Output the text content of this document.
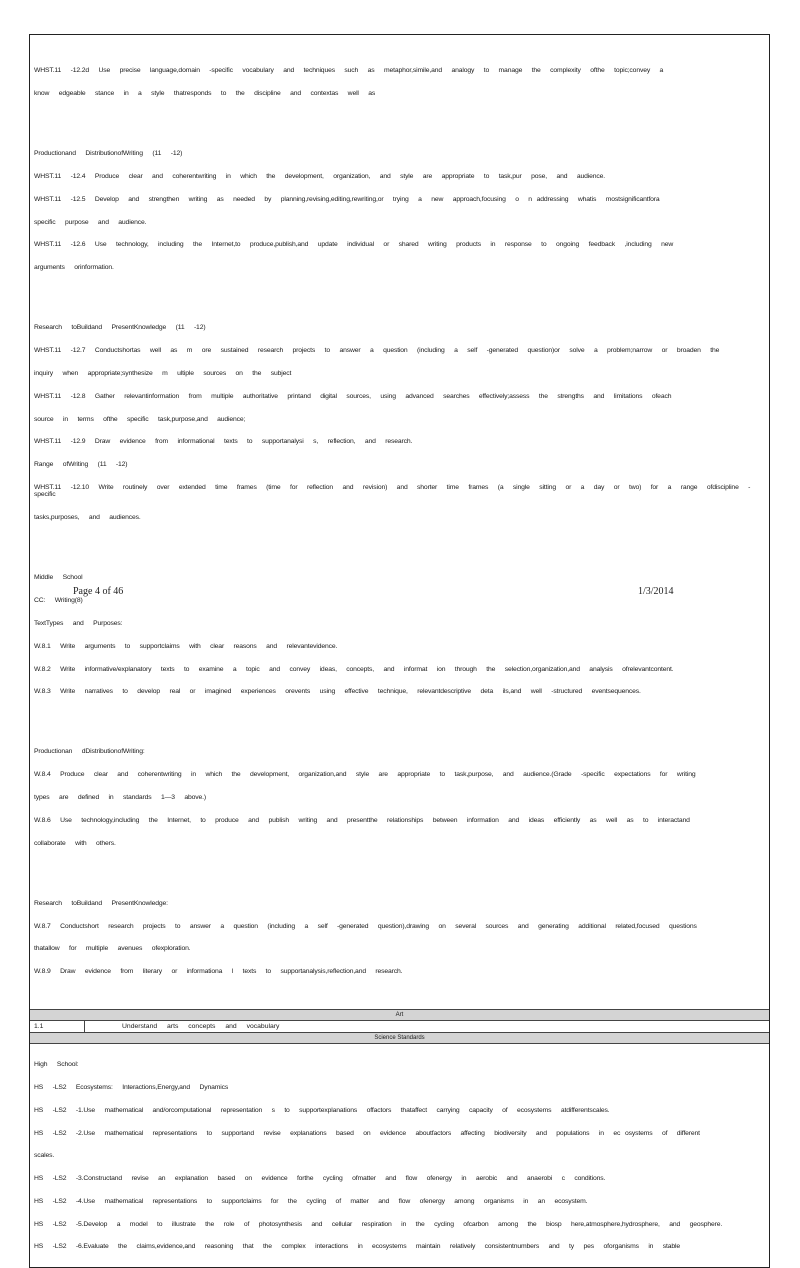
WHST.11  -12.2d  Use  precise  language,domain  -specific  vocabulary  and  techniques  such  as  metaphor,simile,and  analogy  to  manage  the  complexity  ofthe  topic;convey  a

know  edgeable  stance  in  a  style  thatresponds  to  the  discipline  and  contextas  well  as

Productionand  DistributionofWriting  (11  -12)

WHST.11  -12.4  Produce  clear  and  coherentwriting  in  which  the  development,  organization,  and  style  are  appropriate  to  task,pur  pose,  and  audience.

WHST.11  -12.5  Develop  and  strengthen  writing  as  needed  by  planning,revising,editing,rewriting,or  trying  a  new  approach,focusing  o  n addressing  whatis  mostsignificantfora

specific  purpose  and  audience.

WHST.11  -12.6  Use  technology,  including  the  Internet,to  produce,publish,and  update  individual  or  shared  writing  products  in  response  to  ongoing  feedback  ,including  new

arguments  orinformation.

Research  toBuildand  PresentKnowledge  (11  -12)

WHST.11  -12.7  Conductshortas  well  as  m  ore  sustained  research  projects  to  answer  a  question  (including  a  self  -generated  question)or  solve  a  problem;narrow  or  broaden  the

inquiry  when  appropriate;synthesize  m  ultiple  sources  on  the  subject

WHST.11  -12.8  Gather  relevantinformation  from  multiple  authoritative  printand  digital  sources,  using  advanced  searches  effectively;assess  the  strengths  and  limitations  ofeach

source  in  terms  ofthe  specific  task,purpose,and  audience;

WHST.11  -12.9  Draw  evidence  from  informational  texts  to  supportanalysi  s,  reflection,  and  research.

Range  ofWriting  (11  -12)

WHST.11  -12.10  Write  routinely  over  extended  time  frames  (time  for  reflection  and  revision)  and  shorter  time  frames  (a  single  sitting  or  a  day  or  two)  for  a  range  ofdiscipline  -specific

tasks,purposes,  and  audiences.

Middle  School

CC:  Writing(8)

TextTypes  and  Purposes:

W.8.1  Write  arguments  to  supportclaims  with  clear  reasons  and  relevantevidence.

W.8.2  Write  informative/explanatory  texts  to  examine  a  topic  and  convey  ideas,  concepts,  and  informat  ion  through  the  selection,organization,and  analysis  ofrelevantcontent.

W.8.3  Write  narratives  to  develop  real  or  imagined  experiences  orevents  using  effective  technique,  relevantdescriptive  deta  ils,and  well  -structured  eventsequences.

Productionan  dDistributionofWriting:

W.8.4  Produce  clear  and  coherentwriting  in  which  the  development,  organization,and  style  are  appropriate  to  task,purpose,  and  audience.(Grade  -specific  expectations  for  writing

types  are  defined  in  standards  1—3  above.)

W.8.6  Use  technology,including  the  Internet,  to  produce  and  publish  writing  and  presentthe  relationships  between  information  and  ideas  efficiently  as  well  as  to  interactand

collaborate  with  others.

Research  toBuildand  PresentKnowledge:

W.8.7  Conductshort  research  projects  to  answer  a  question  (including  a  self  -generated  question),drawing  on  several  sources  and  generating  additional  related,focused  questions

thatallow  for  multiple  avenues  ofexploration.

W.8.9  Draw  evidence  from  literary  or  informationa  l  texts  to  supportanalysis,reflection,and  research.

Art
1.1	Understand arts concepts and vocabulary
Science Standards

High  School:

HS  -LS2  Ecosystems:  Interactions,Energy,and  Dynamics

HS  -LS2  -1.Use  mathematical  and/orcomputational  representation  s  to  supportexplanations  offactors  thataffect  carrying  capacity  of  ecosystems  atdifferentscales.

HS  -LS2  -2.Use  mathematical  representations  to  supportand  revise  explanations  based  on  evidence  aboutfactors  affecting  biodiversity  and  populations  in  ec osystems  of  different

scales.

HS  -LS2  -3.Constructand  revise  an  explanation  based  on  evidence  forthe  cycling  ofmatter  and  flow  ofenergy  in  aerobic  and  anaerobi  c  conditions.

HS  -LS2  -4.Use  mathematical  representations  to  supportclaims  for  the  cycling  of  matter  and  flow  ofenergy  among  organisms  in  an  ecosystem.

HS  -LS2  -5.Develop  a  model  to  illustrate  the  role  of  photosynthesis  and  cellular  respiration  in  the  cycling  ofcarbon  among  the  biosp  here,atmosphere,hydrosphere,  and  geosphere.

HS  -LS2  -6.Evaluate  the  claims,evidence,and  reasoning  that  the  complex  interactions  in  ecosystems  maintain  relatively  consistentnumbers  and  ty  pes  oforganisms  in  stable

Page 4 of 46	1/3/2014
